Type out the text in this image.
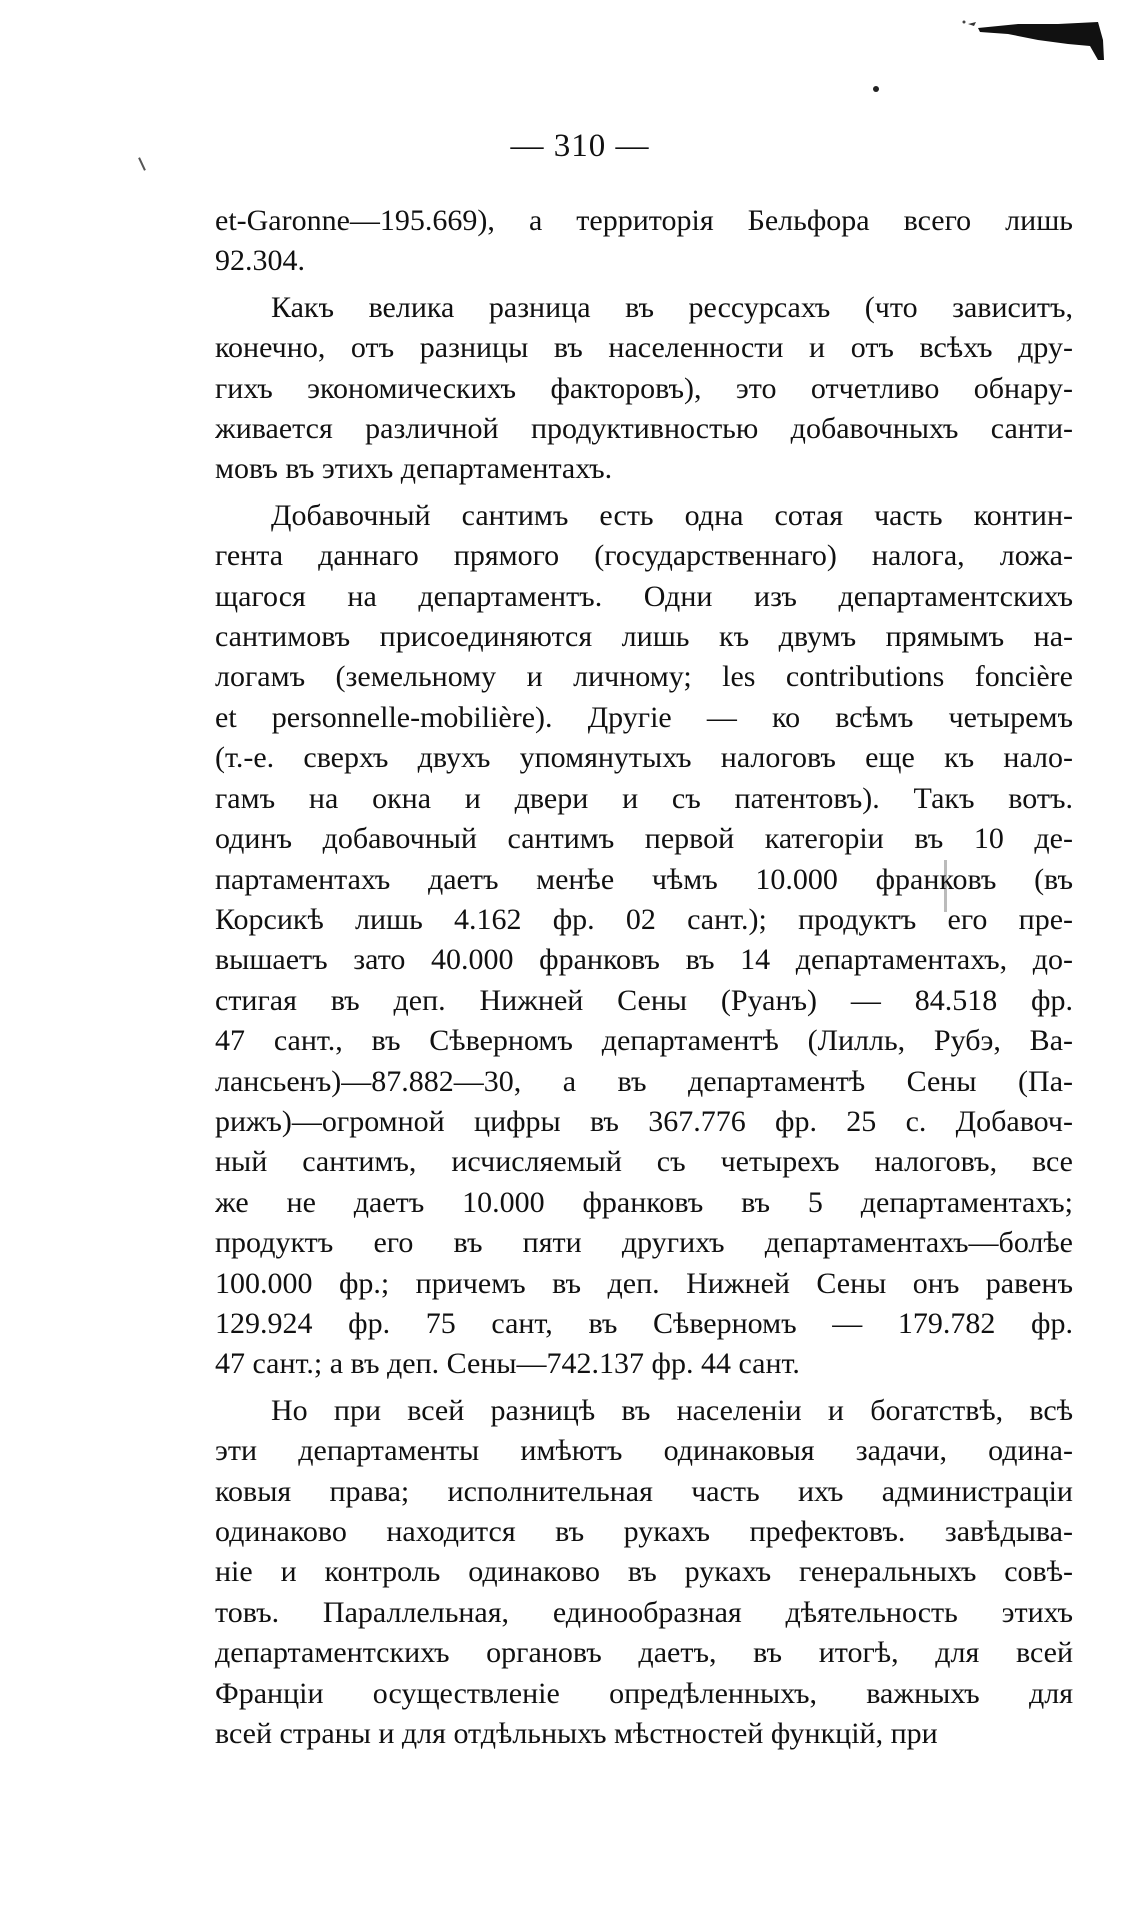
— 310 —

et-Garonne—195.669), а территорія Бельфора всего лишь
92.304.

Какъ велика разница въ рессурсахъ (что зависитъ,
конечно, отъ разницы въ населенности и отъ всѣхъ дру-
гихъ экономическихъ факторовъ), это отчетливо обнару-
живается различной продуктивностью добавочныхъ санти-
мовъ въ этихъ департаментахъ.

Добавочный сантимъ есть одна сотая часть контин-
гента даннаго прямого (государственнаго) налога, ложа-
щагося на департаментъ. Одни изъ департаментскихъ
сантимовъ присоединяются лишь къ двумъ прямымъ на-
логамъ (земельному и личному; les contributions foncière
et personnelle-mobilière). Другіе — ко всѣмъ четыремъ
(т.-е. сверхъ двухъ упомянутыхъ налоговъ еще къ нало-
гамъ на окна и двери и съ патентовъ). Такъ вотъ.
одинъ добавочный сантимъ первой категоріи въ 10 де-
партаментахъ даетъ менѣе чѣмъ 10.000 франковъ (въ
Корсикѣ лишь 4.162 фр. 02 сант.); продуктъ его пре-
вышаетъ зато 40.000 франковъ въ 14 департаментахъ, до-
стигая въ деп. Нижней Сены (Руанъ) — 84.518 фр.
47 сант., въ Сѣверномъ департаментѣ (Лилль, Рубэ, Ва-
лансьенъ)—87.882—30, а въ департаментѣ Сены (Па-
рижъ)—огромной цифры въ 367.776 фр. 25 с. Добавоч-
ный сантимъ, исчисляемый съ четырехъ налоговъ, все
же не даетъ 10.000 франковъ въ 5 департаментахъ;
продуктъ его въ пяти другихъ департаментахъ—болѣе
100.000 фр.; причемъ въ деп. Нижней Сены онъ равенъ
129.924 фр. 75 сант, въ Сѣверномъ — 179.782 фр.
47 сант.; а въ деп. Сены—742.137 фр. 44 сант.

Но при всей разницѣ въ населеніи и богатствѣ, всѣ
эти департаменты имѣютъ одинаковыя задачи, одина-
ковыя права; исполнительная часть ихъ администраціи
одинаково находится въ рукахъ префектовъ. завѣдыва-
ніе и контроль одинаково въ рукахъ генеральныхъ совѣ-
товъ. Параллельная, единообразная дѣятельность этихъ
департаментскихъ органовъ даетъ, въ итогѣ, для всей
Франціи осуществленіе опредѣленныхъ, важныхъ для
всей страны и для отдѣльныхъ мѣстностей функцій, при
